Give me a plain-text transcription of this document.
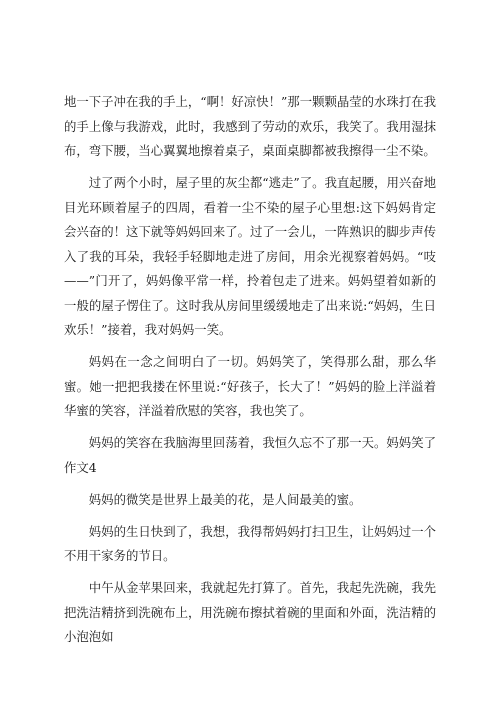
地一下子冲在我的手上，“啊！好凉快！”那一颗颗晶莹的水珠打在我的手上像与我游戏，此时，我感到了劳动的欢乐，我笑了。我用湿抹布，弯下腰，当心翼翼地擦着桌子，桌面桌脚都被我擦得一尘不染。

过了两个小时，屋子里的灰尘都“逃走”了。我直起腰，用兴奋地目光环顾着屋子的四周，看着一尘不染的屋子心里想:这下妈妈肯定会兴奋的！这下就等妈妈回来了。过了一会儿，一阵熟识的脚步声传入了我的耳朵，我轻手轻脚地走进了房间，用余光视察着妈妈。“吱——”门开了，妈妈像平常一样，拎着包走了进来。妈妈望着如新的一般的屋子愣住了。这时我从房间里缓缓地走了出来说:“妈妈，生日欢乐！”接着，我对妈妈一笑。

妈妈在一念之间明白了一切。妈妈笑了，笑得那么甜，那么华蜜。她一把把我搂在怀里说:“好孩子，长大了！”妈妈的脸上洋溢着华蜜的笑容，洋溢着欣慰的笑容，我也笑了。

妈妈的笑容在我脑海里回荡着，我恒久忘不了那一天。妈妈笑了作文4

妈妈的微笑是世界上最美的花，是人间最美的蜜。

妈妈的生日快到了，我想，我得帮妈妈打扫卫生，让妈妈过一个不用干家务的节日。

中午从金苹果回来，我就起先打算了。首先，我起先洗碗，我先把洗洁精挤到洗碗布上，用洗碗布擦拭着碗的里面和外面，洗洁精的小泡泡如
